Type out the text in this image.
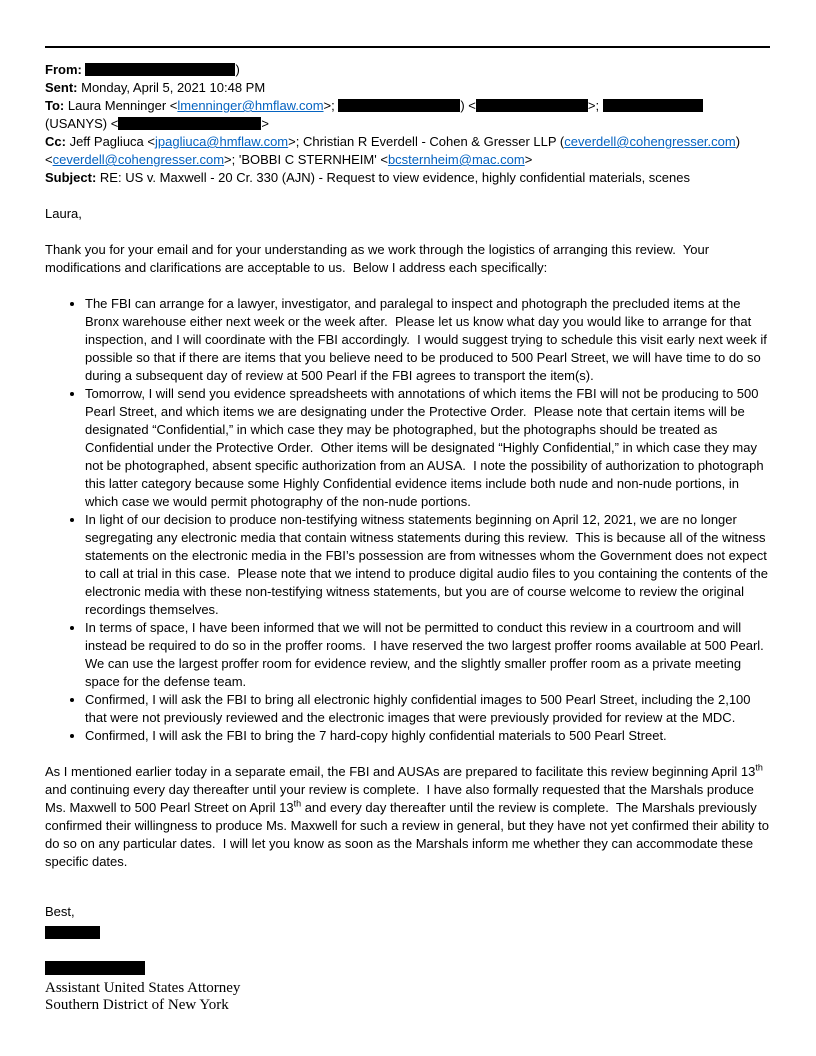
From:	)

Sent: Monday, April 5, 2021 10:48 PM

To: Laura Menninger <lmenninger@hmflaw.com>;	) <	>;
(USANYS) <	>

Cc: Jeff Pagliuca <jpagliuca@hmflaw.com>; Christian R Everdell - Cohen & Gresser LLP (ceverdell@cohengresser.com)
<ceverdell@cohengresser.com>; 'BOBBI C STERNHEIM' <bcsternheim@mac.com>

Subject: RE: US v. Maxwell - 20 Cr. 330 (AJN) - Request to view evidence, highly confidential materials, scenes

Laura,

Thank you for your email and for your understanding as we work through the logistics of arranging this review.  Your modifications and clarifications are acceptable to us.  Below I address each specifically:

• The FBI can arrange for a lawyer, investigator, and paralegal to inspect and photograph the precluded items at the Bronx warehouse either next week or the week after.  Please let us know what day you would like to arrange for that inspection, and I will coordinate with the FBI accordingly.  I would suggest trying to schedule this visit early next week if possible so that if there are items that you believe need to be produced to 500 Pearl Street, we will have time to do so during a subsequent day of review at 500 Pearl if the FBI agrees to transport the item(s).
• Tomorrow, I will send you evidence spreadsheets with annotations of which items the FBI will not be producing to 500 Pearl Street, and which items we are designating under the Protective Order.  Please note that certain items will be designated “Confidential,” in which case they may be photographed, but the photographs should be treated as Confidential under the Protective Order.  Other items will be designated “Highly Confidential,” in which case they may not be photographed, absent specific authorization from an AUSA.  I note the possibility of authorization to photograph this latter category because some Highly Confidential evidence items include both nude and non-nude portions, in which case we would permit photography of the non-nude portions.
• In light of our decision to produce non-testifying witness statements beginning on April 12, 2021, we are no longer segregating any electronic media that contain witness statements during this review.  This is because all of the witness statements on the electronic media in the FBI’s possession are from witnesses whom the Government does not expect to call at trial in this case.  Please note that we intend to produce digital audio files to you containing the contents of the electronic media with these non-testifying witness statements, but you are of course welcome to review the original recordings themselves.
• In terms of space, I have been informed that we will not be permitted to conduct this review in a courtroom and will instead be required to do so in the proffer rooms.  I have reserved the two largest proffer rooms available at 500 Pearl.  We can use the largest proffer room for evidence review, and the slightly smaller proffer room as a private meeting space for the defense team.
• Confirmed, I will ask the FBI to bring all electronic highly confidential images to 500 Pearl Street, including the 2,100 that were not previously reviewed and the electronic images that were previously provided for review at the MDC.
• Confirmed, I will ask the FBI to bring the 7 hard-copy highly confidential materials to 500 Pearl Street.

As I mentioned earlier today in a separate email, the FBI and AUSAs are prepared to facilitate this review beginning April 13th and continuing every day thereafter until your review is complete.  I have also formally requested that the Marshals produce Ms. Maxwell to 500 Pearl Street on April 13th and every day thereafter until the review is complete.  The Marshals previously confirmed their willingness to produce Ms. Maxwell for such a review in general, but they have not yet confirmed their ability to do so on any particular dates.  I will let you know as soon as the Marshals inform me whether they can accommodate these specific dates.

Best,

Assistant United States Attorney

Southern District of New York
